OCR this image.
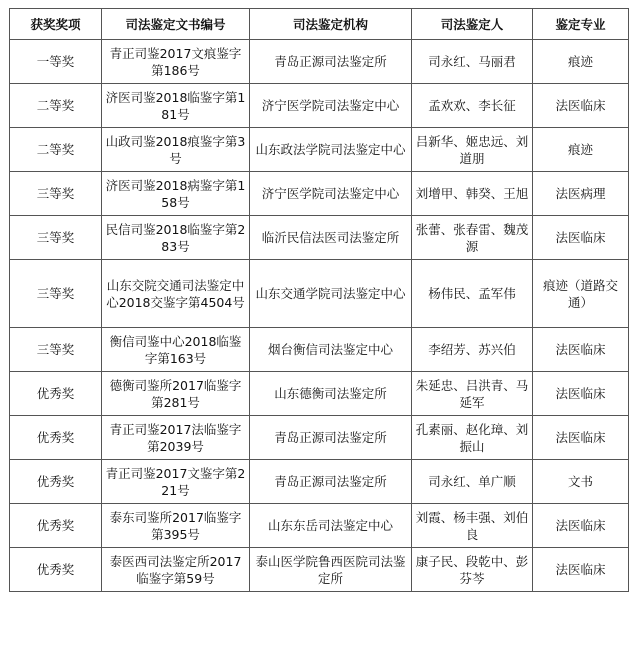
获奖奖项	司法鉴定文书编号	司法鉴定机构	司法鉴定人	鉴定专业
一等奖	青正司鉴2017文痕鉴字第186号	青岛正源司法鉴定所	司永红、马丽君	痕迹
二等奖	济医司鉴2018临鉴字第181号	济宁医学院司法鉴定中心	孟欢欢、李长征	法医临床
二等奖	山政司鉴2018痕鉴字第3号	山东政法学院司法鉴定中心	吕新华、姬忠远、刘道朋	痕迹
三等奖	济医司鉴2018病鉴字第158号	济宁医学院司法鉴定中心	刘增甲、韩癸、王旭	法医病理
三等奖	民信司鉴2018临鉴字第283号	临沂民信法医司法鉴定所	张蕾、张春雷、魏茂源	法医临床
三等奖	山东交院交通司法鉴定中心2018交鉴字第4504号	山东交通学院司法鉴定中心	杨伟民、孟军伟	痕迹（道路交通）
三等奖	衡信司鉴中心2018临鉴字第163号	烟台衡信司法鉴定中心	李绍芳、苏兴伯	法医临床
优秀奖	德衡司鉴所2017临鉴字第281号	山东德衡司法鉴定所	朱延忠、吕洪青、马延军	法医临床
优秀奖	青正司鉴2017法临鉴字第2039号	青岛正源司法鉴定所	孔素丽、赵化璋、刘振山	法医临床
优秀奖	青正司鉴2017文鉴字第221号	青岛正源司法鉴定所	司永红、单广顺	文书
优秀奖	泰东司鉴所2017临鉴字第395号	山东东岳司法鉴定中心	刘霞、杨丰强、刘伯良	法医临床
优秀奖	泰医西司法鉴定所2017临鉴字第59号	泰山医学院鲁西医院司法鉴定所	康子民、段乾中、彭芬芩	法医临床
